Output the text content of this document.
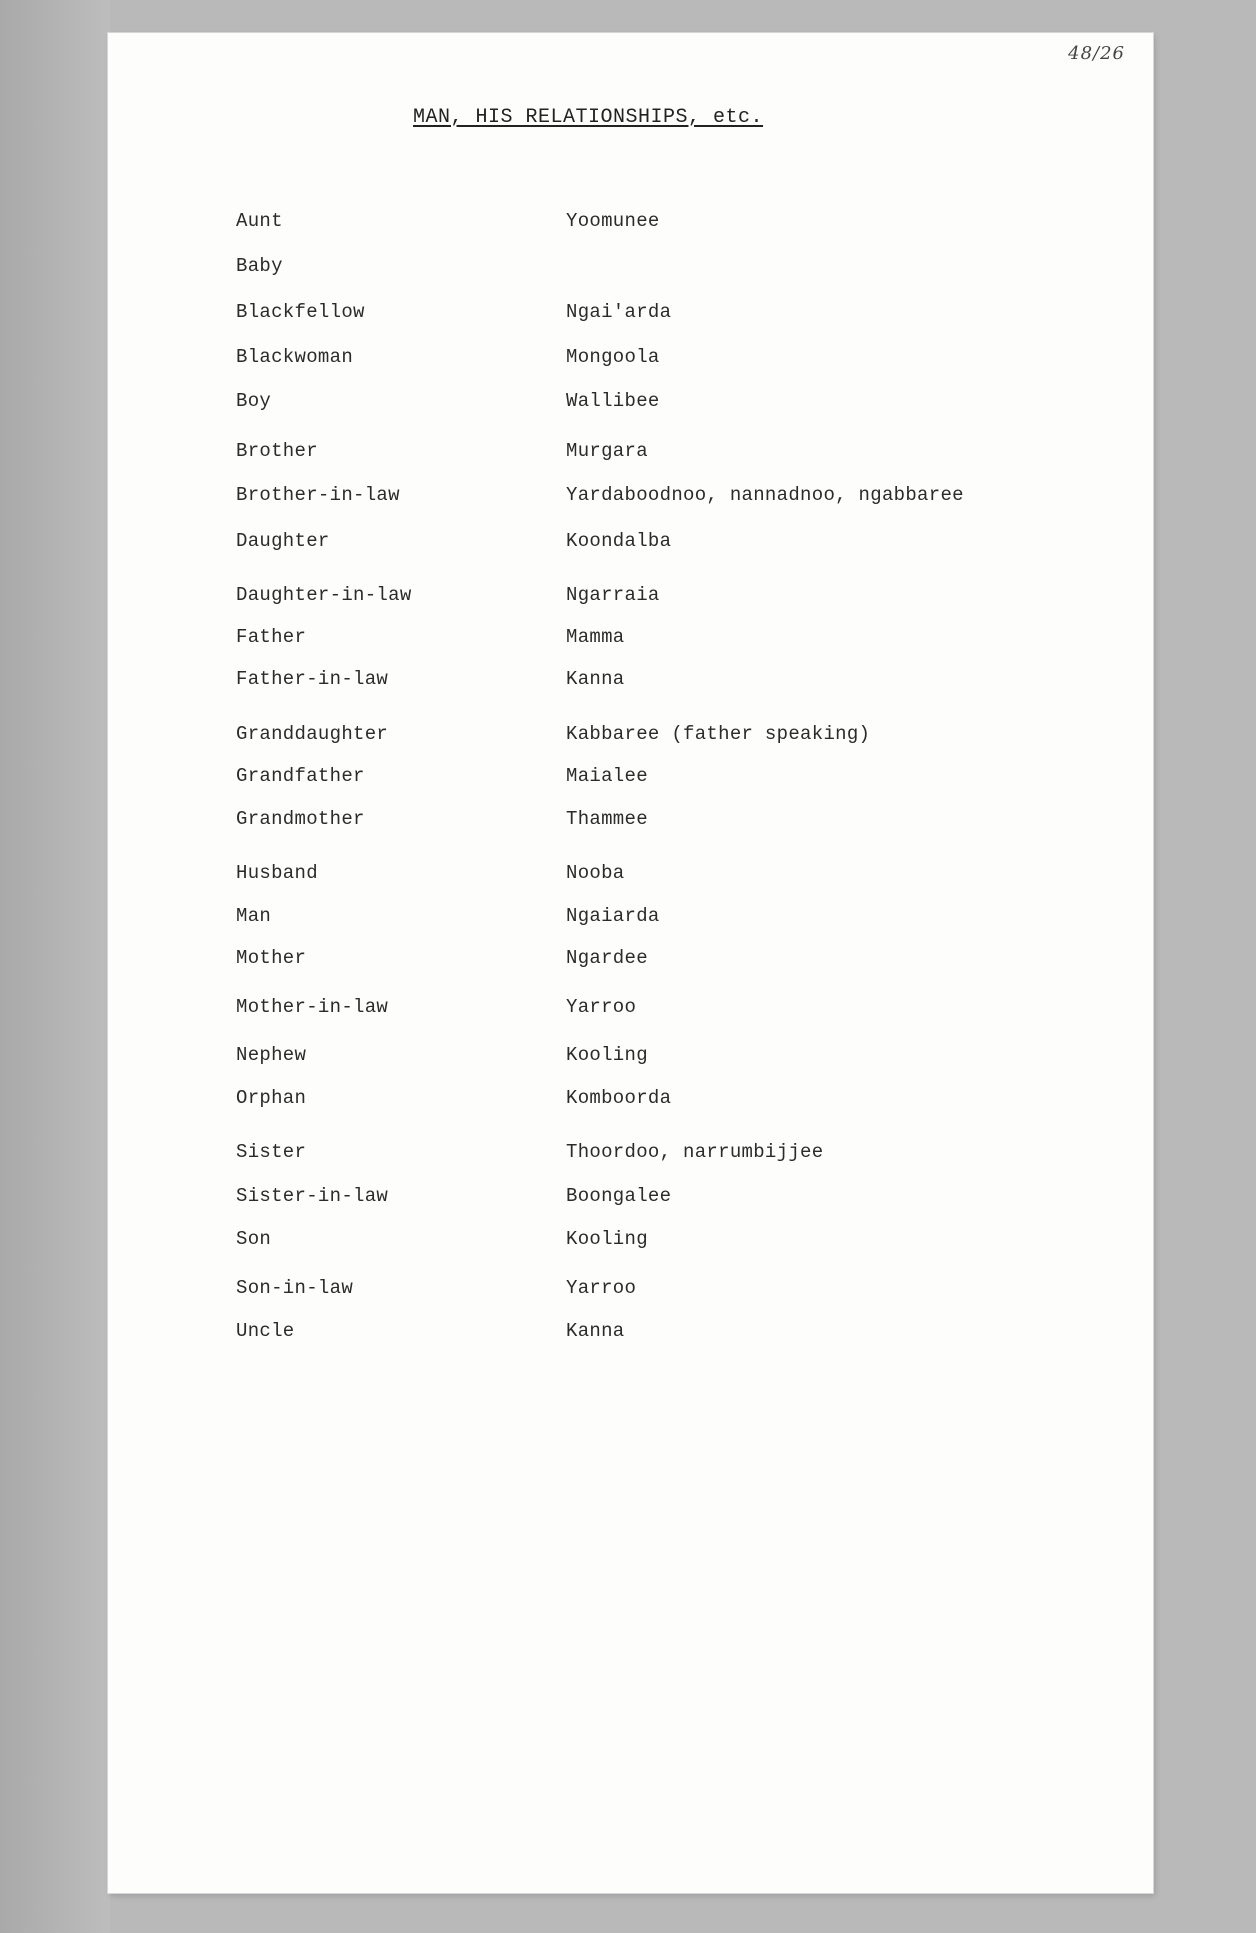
48/26
MAN, HIS RELATIONSHIPS, etc.
Aunt	Yoomunee
Baby
Blackfellow	Ngai'arda
Blackwoman	Mongoola
Boy	Wallibee
Brother	Murgara
Brother-in-law	Yardaboodnoo, nannadnoo, ngabbaree
Daughter	Koondalba
Daughter-in-law	Ngarraia
Father	Mamma
Father-in-law	Kanna
Granddaughter	Kabbaree (father speaking)
Grandfather	Maialee
Grandmother	Thammee
Husband	Nooba
Man	Ngaiarda
Mother	Ngardee
Mother-in-law	Yarroo
Nephew	Kooling
Orphan	Komboorda
Sister	Thoordoo, narrumbijjee
Sister-in-law	Boongalee
Son	Kooling
Son-in-law	Yarroo
Uncle	Kanna
